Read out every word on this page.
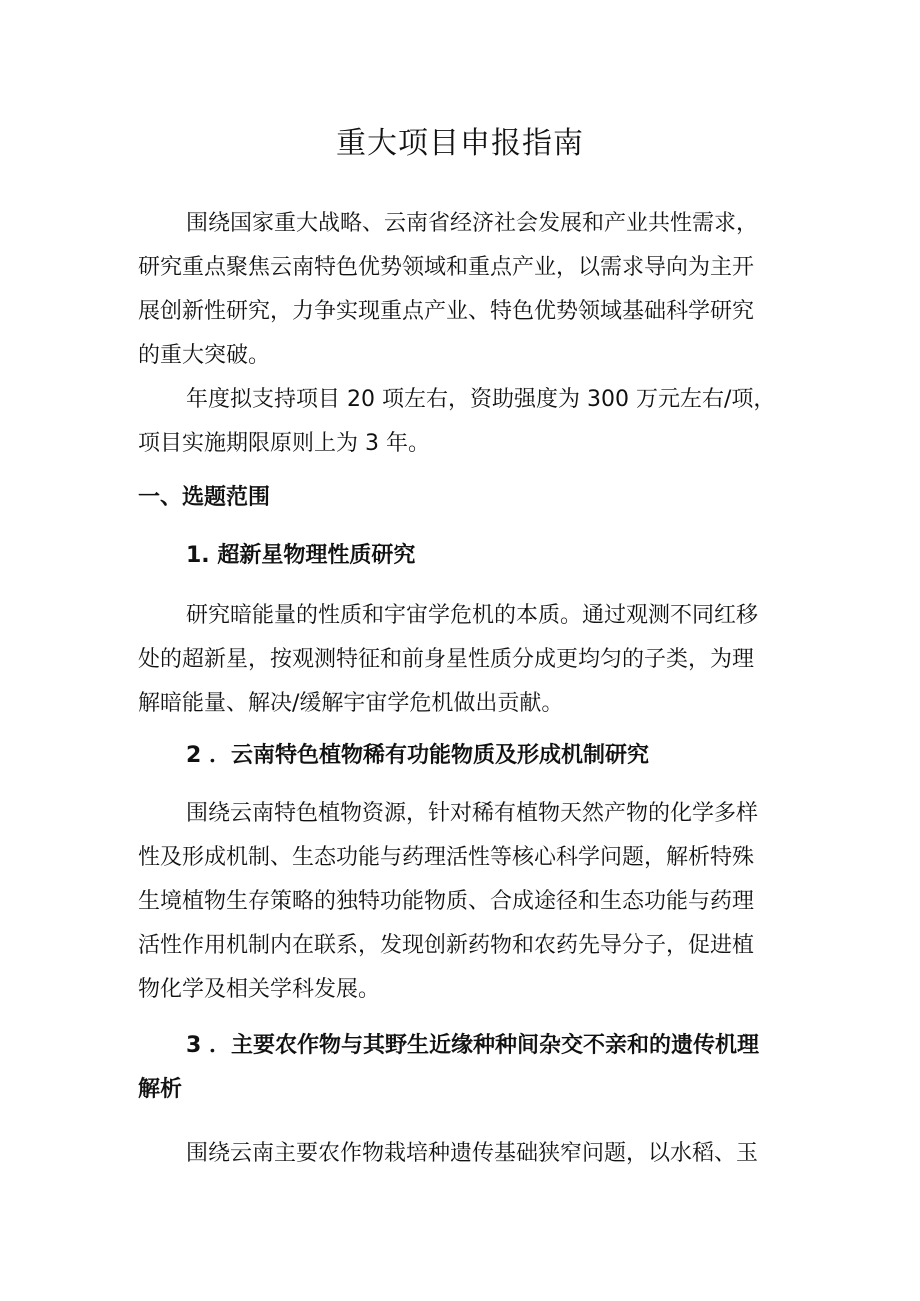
重大项目申报指南

围绕国家重大战略、云南省经济社会发展和产业共性需求，
研究重点聚焦云南特色优势领域和重点产业，以需求导向为主开
展创新性研究，力争实现重点产业、特色优势领域基础科学研究
的重大突破。

年度拟支持项目 20 项左右，资助强度为 300 万元左右/项，
项目实施期限原则上为 3 年。

一、选题范围

1. 超新星物理性质研究

研究暗能量的性质和宇宙学危机的本质。通过观测不同红移
处的超新星，按观测特征和前身星性质分成更均匀的子类，为理
解暗能量、解决/缓解宇宙学危机做出贡献。

2 ．云南特色植物稀有功能物质及形成机制研究

围绕云南特色植物资源，针对稀有植物天然产物的化学多样
性及形成机制、生态功能与药理活性等核心科学问题，解析特殊
生境植物生存策略的独特功能物质、合成途径和生态功能与药理
活性作用机制内在联系，发现创新药物和农药先导分子，促进植
物化学及相关学科发展。

3 ．主要农作物与其野生近缘种种间杂交不亲和的遗传机理
解析

围绕云南主要农作物栽培种遗传基础狭窄问题，以水稻、玉
